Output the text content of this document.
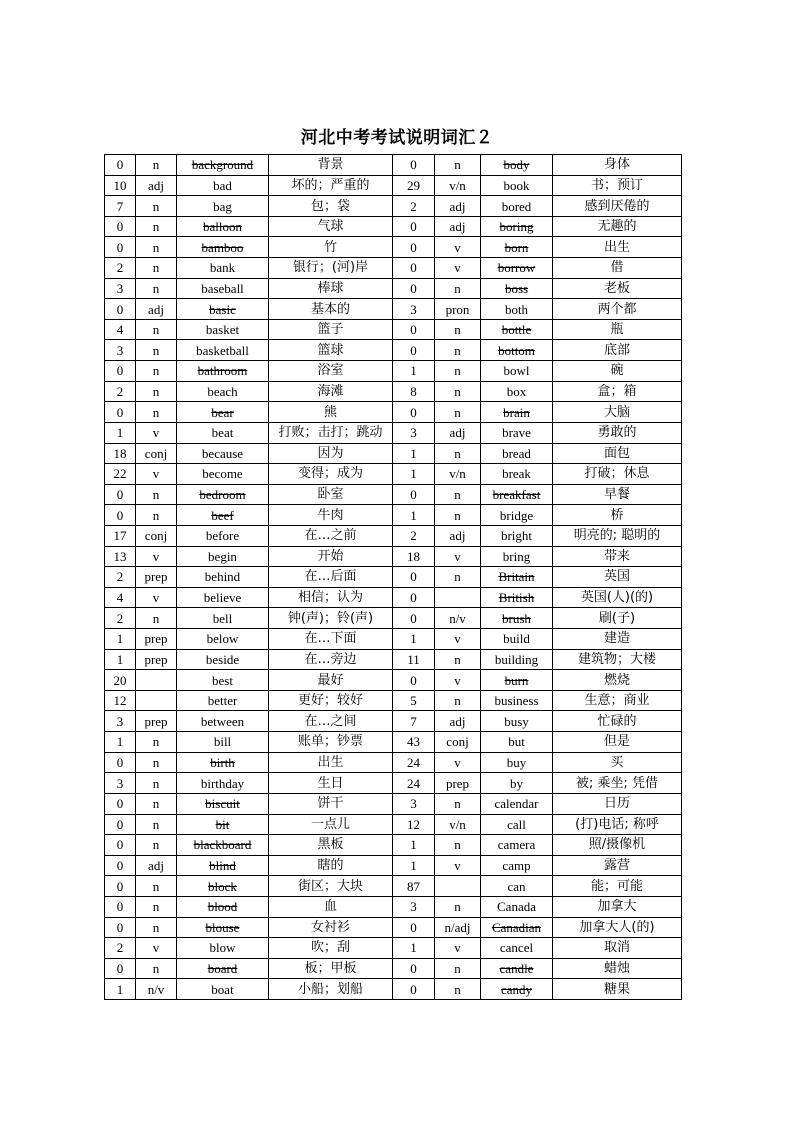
河北中考考试说明词汇２
0	n	background	背景	0	n	body	身体
10	adj	bad	坏的；严重的	29	v/n	book	书；预订
7	n	bag	包；袋	2	adj	bored	感到厌倦的
0	n	balloon	气球	0	adj	boring	无趣的
0	n	bamboo	竹	0	v	born	出生
2	n	bank	银行；(河)岸	0	v	borrow	借
3	n	baseball	棒球	0	n	boss	老板
0	adj	basic	基本的	3	pron	both	两个都
4	n	basket	篮子	0	n	bottle	瓶
3	n	basketball	篮球	0	n	bottom	底部
0	n	bathroom	浴室	1	n	bowl	碗
2	n	beach	海滩	8	n	box	盒；箱
0	n	bear	熊	0	n	brain	大脑
1	v	beat	打败；击打；跳动	3	adj	brave	勇敢的
18	conj	because	因为	1	n	bread	面包
22	v	become	变得；成为	1	v/n	break	打破；休息
0	n	bedroom	卧室	0	n	breakfast	早餐
0	n	beef	牛肉	1	n	bridge	桥
17	conj	before	在…之前	2	adj	bright	明亮的; 聪明的
13	v	begin	开始	18	v	bring	带来
2	prep	behind	在…后面	0	n	Britain	英国
4	v	believe	相信；认为	0		British	英国(人)(的)
2	n	bell	钟(声)；铃(声)	0	n/v	brush	刷(子)
1	prep	below	在…下面	1	v	build	建造
1	prep	beside	在…旁边	11	n	building	建筑物；大楼
20		best	最好	0	v	burn	燃烧
12		better	更好；较好	5	n	business	生意；商业
3	prep	between	在…之间	7	adj	busy	忙碌的
1	n	bill	账单；钞票	43	conj	but	但是
0	n	birth	出生	24	v	buy	买
3	n	birthday	生日	24	prep	by	被; 乘坐; 凭借
0	n	biscuit	饼干	3	n	calendar	日历
0	n	bit	一点儿	12	v/n	call	(打)电话; 称呼
0	n	blackboard	黑板	1	n	camera	照/摄像机
0	adj	blind	瞎的	1	v	camp	露营
0	n	block	街区；大块	87		can	能；可能
0	n	blood	血	3	n	Canada	加拿大
0	n	blouse	女衬衫	0	n/adj	Canadian	加拿大人(的)
2	v	blow	吹；刮	1	v	cancel	取消
0	n	board	板；甲板	0	n	candle	蜡烛
1	n/v	boat	小船；划船	0	n	candy	糖果
